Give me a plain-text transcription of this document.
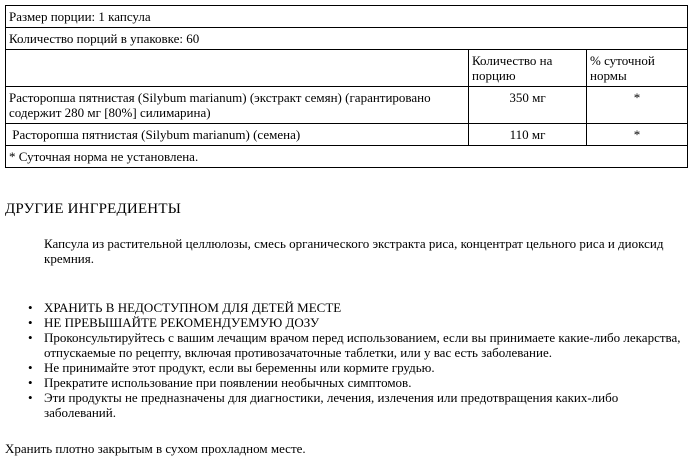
Размер порции: 1 капсула		
Количество порций в упаковке: 60		
	Количество на порцию	% суточной нормы
Расторопша пятнистая (Silybum marianum) (экстракт семян) (гарантировано содержит 280 мг [80%] силимарина)	350 мг	*
Расторопша пятнистая (Silybum marianum) (семена)	110 мг	*
* Суточная норма не установлена.		
ДРУГИЕ ИНГРЕДИЕНТЫ

Капсула из растительной целлюлозы, смесь органического экстракта риса, концентрат цельного риса и диоксид кремния.

• ХРАНИТЬ В НЕДОСТУПНОМ ДЛЯ ДЕТЕЙ МЕСТЕ
• НЕ ПРЕВЫШАЙТЕ РЕКОМЕНДУЕМУЮ ДОЗУ
• Проконсультируйтесь с вашим лечащим врачом перед использованием, если вы принимаете какие-либо лекарства, отпускаемые по рецепту, включая противозачаточные таблетки, или у вас есть заболевание.
• Не принимайте этот продукт, если вы беременны или кормите грудью.
• Прекратите использование при появлении необычных симптомов.
• Эти продукты не предназначены для диагностики, лечения, излечения или предотвращения каких-либо заболеваний.

Хранить плотно закрытым в сухом прохладном месте.
